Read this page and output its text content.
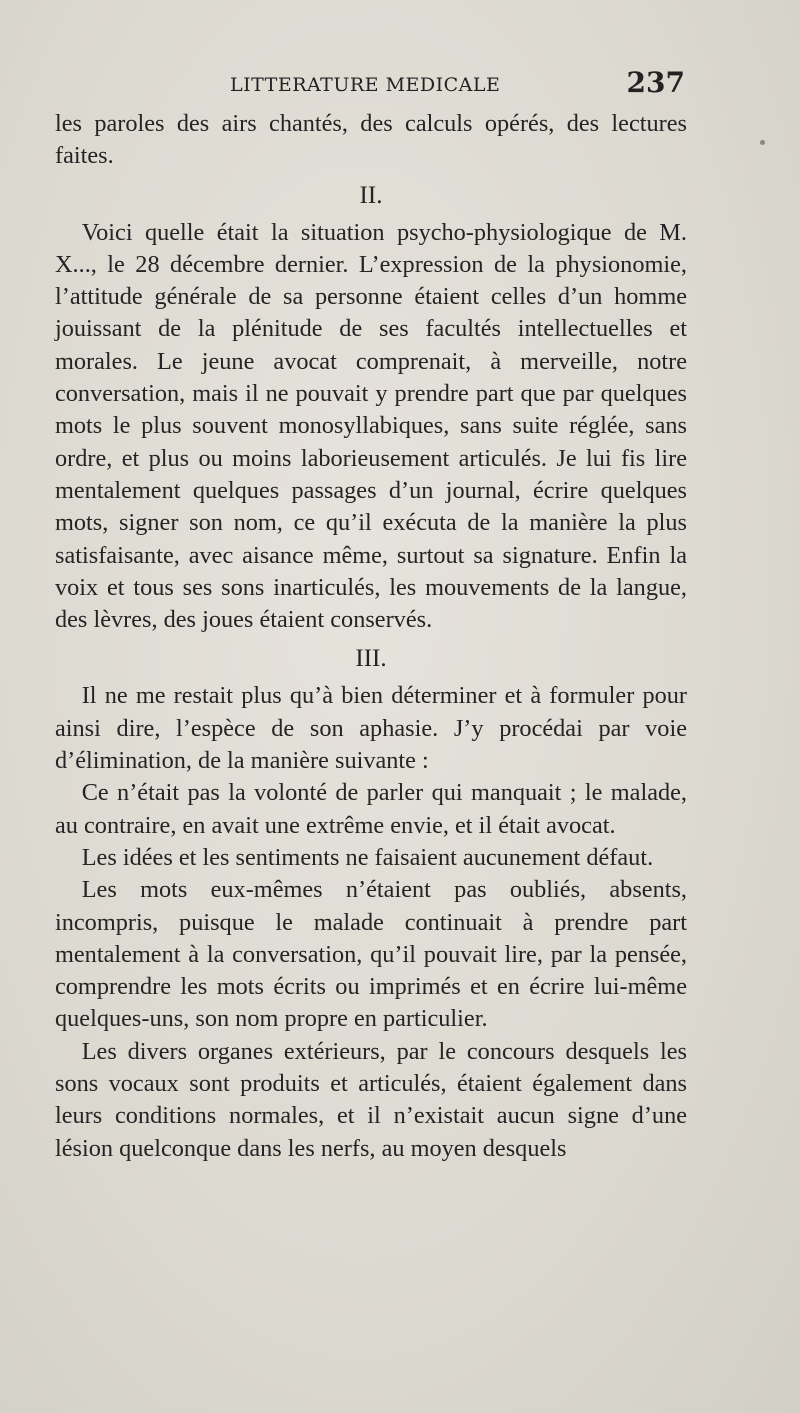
LITTERATURE MEDICALE	237

les paroles des airs chantés, des calculs opérés, des lectures faites.

II.

Voici quelle était la situation psycho-physiologique de M. X..., le 28 décembre dernier. L’expression de la physionomie, l’attitude générale de sa personne étaient celles d’un homme jouissant de la plénitude de ses facultés intellectuelles et morales. Le jeune avocat comprenait, à merveille, notre conversation, mais il ne pouvait y prendre part que par quelques mots le plus souvent monosyllabiques, sans suite réglée, sans ordre, et plus ou moins laborieusement articulés. Je lui fis lire mentalement quelques passages d’un journal, écrire quelques mots, signer son nom, ce qu’il exécuta de la manière la plus satisfaisante, avec aisance même, surtout sa signature. Enfin la voix et tous ses sons inarticulés, les mouvements de la langue, des lèvres, des joues étaient conservés.

III.

Il ne me restait plus qu’à bien déterminer et à formuler pour ainsi dire, l’espèce de son aphasie. J’y procédai par voie d’élimination, de la manière suivante :

Ce n’était pas la volonté de parler qui manquait ; le malade, au contraire, en avait une extrême envie, et il était avocat.

Les idées et les sentiments ne faisaient aucunement défaut.

Les mots eux-mêmes n’étaient pas oubliés, absents, incompris, puisque le malade continuait à prendre part mentalement à la conversation, qu’il pouvait lire, par la pensée, comprendre les mots écrits ou imprimés et en écrire lui-même quelques-uns, son nom propre en particulier.

Les divers organes extérieurs, par le concours desquels les sons vocaux sont produits et articulés, étaient également dans leurs conditions normales, et il n’existait aucun signe d’une lésion quelconque dans les nerfs, au moyen desquels
